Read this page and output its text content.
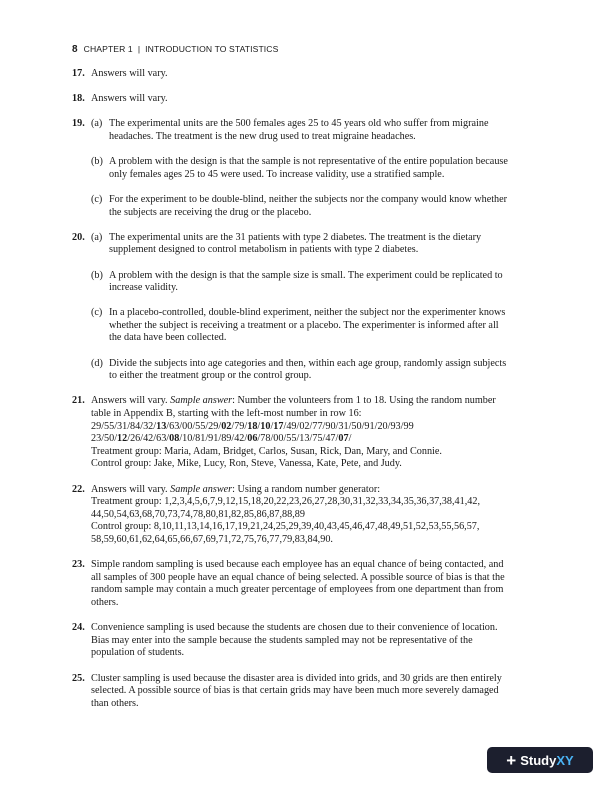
8 CHAPTER 1 | INTRODUCTION TO STATISTICS
17. Answers will vary.
18. Answers will vary.
19. (a) The experimental units are the 500 females ages 25 to 45 years old who suffer from migraine
headaches. The treatment is the new drug used to treat migraine headaches.
(b) A problem with the design is that the sample is not representative of the entire population because
only females ages 25 to 45 were used. To increase validity, use a stratified sample.
(c) For the experiment to be double-blind, neither the subjects nor the company would know whether
the subjects are receiving the drug or the placebo.
20. (a) The experimental units are the 31 patients with type 2 diabetes. The treatment is the dietary
supplement designed to control metabolism in patients with type 2 diabetes.
(b) A problem with the design is that the sample size is small. The experiment could be replicated to
increase validity.
(c) In a placebo-controlled, double-blind experiment, neither the subject nor the experimenter knows
whether the subject is receiving a treatment or a placebo. The experimenter is informed after all
the data have been collected.
(d) Divide the subjects into age categories and then, within each age group, randomly assign subjects
to either the treatment group or the control group.
21. Answers will vary. Sample answer: Number the volunteers from 1 to 18. Using the random number
table in Appendix B, starting with the left-most number in row 16:
29/55/31/84/32/13/63/00/55/29/02/79/18/10/17/49/02/77/90/31/50/91/20/93/99
23/50/12/26/42/63/08/10/81/91/89/42/06/78/00/55/13/75/47/07/
Treatment group: Maria, Adam, Bridget, Carlos, Susan, Rick, Dan, Mary, and Connie.
Control group: Jake, Mike, Lucy, Ron, Steve, Vanessa, Kate, Pete, and Judy.
22. Answers will vary. Sample answer: Using a random number generator:
Treatment group: 1,2,3,4,5,6,7,9,12,15,18,20,22,23,26,27,28,30,31,32,33,34,35,36,37,38,41,42,
44,50,54,63,68,70,73,74,78,80,81,82,85,86,87,88,89
Control group: 8,10,11,13,14,16,17,19,21,24,25,29,39,40,43,45,46,47,48,49,51,52,53,55,56,57,
58,59,60,61,62,64,65,66,67,69,71,72,75,76,77,79,83,84,90.
23. Simple random sampling is used because each employee has an equal chance of being contacted, and
all samples of 300 people have an equal chance of being selected. A possible source of bias is that the
random sample may contain a much greater percentage of employees from one department than from
others.
24. Convenience sampling is used because the students are chosen due to their convenience of location.
Bias may enter into the sample because the students sampled may not be representative of the
population of students.
25. Cluster sampling is used because the disaster area is divided into grids, and 30 grids are then entirely
selected. A possible source of bias is that certain grids may have been much more severely damaged
than others.
+ Study XY
